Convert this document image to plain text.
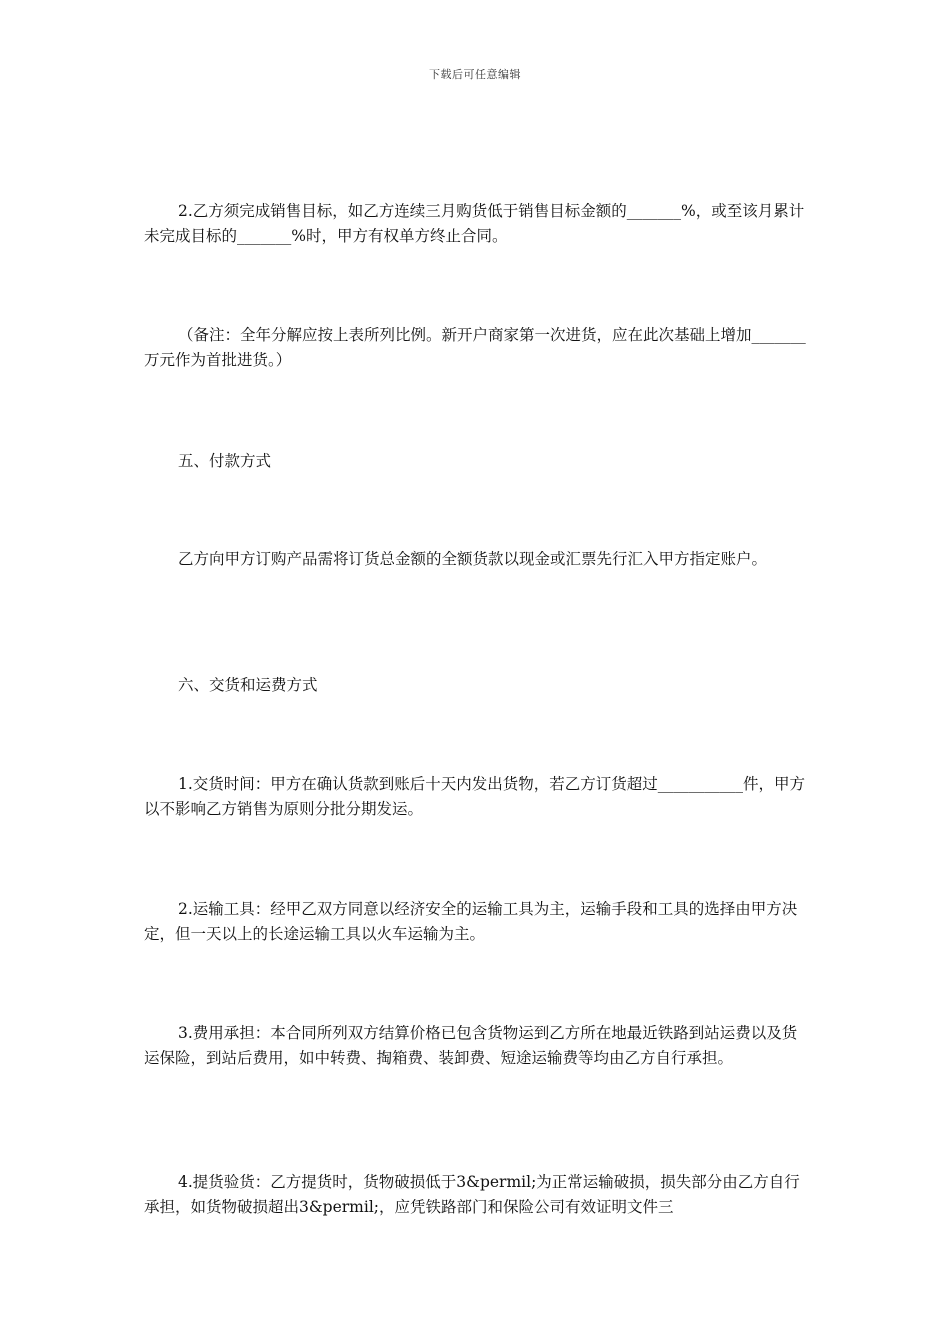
下载后可任意编辑

2.乙方须完成销售目标，如乙方连续三月购货低于销售目标金额的_______%，或至该月累计未完成目标的_______%时，甲方有权单方终止合同。

（备注：全年分解应按上表所列比例。新开户商家第一次进货，应在此次基础上增加_______万元作为首批进货。）

五、付款方式

乙方向甲方订购产品需将订货总金额的全额货款以现金或汇票先行汇入甲方指定账户。

六、交货和运费方式

1.交货时间：甲方在确认货款到账后十天内发出货物，若乙方订货超过___________件，甲方以不影响乙方销售为原则分批分期发运。

2.运输工具：经甲乙双方同意以经济安全的运输工具为主，运输手段和工具的选择由甲方决定，但一天以上的长途运输工具以火车运输为主。

3.费用承担：本合同所列双方结算价格已包含货物运到乙方所在地最近铁路到站运费以及货运保险，到站后费用，如中转费、掏箱费、装卸费、短途运输费等均由乙方自行承担。

4.提货验货：乙方提货时，货物破损低于3&permil;为正常运输破损，损失部分由乙方自行承担，如货物破损超出3&permil;，应凭铁路部门和保险公司有效证明文件三
